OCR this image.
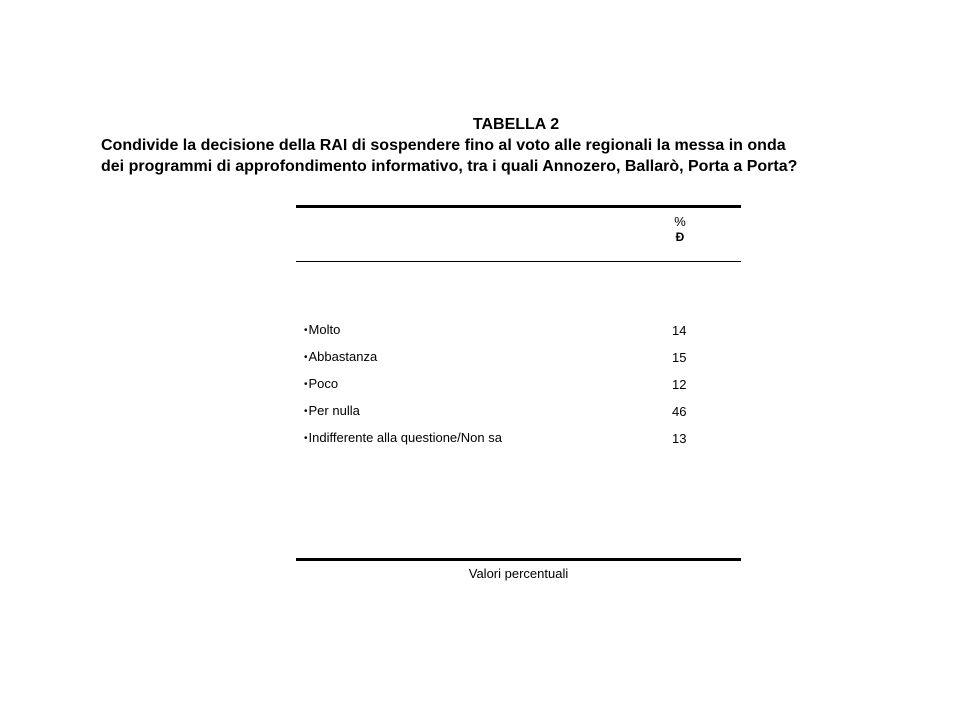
TABELLA 2
Condivide la decisione della RAI di sospendere fino al voto alle regionali la messa in onda
dei programmi di approfondimento informativo, tra i quali Annozero, Ballarò, Porta a Porta?
%
Ð
•Molto	14
•Abbastanza	15
•Poco	12
•Per nulla	46
•Indifferente alla questione/Non sa	13
Valori percentuali
